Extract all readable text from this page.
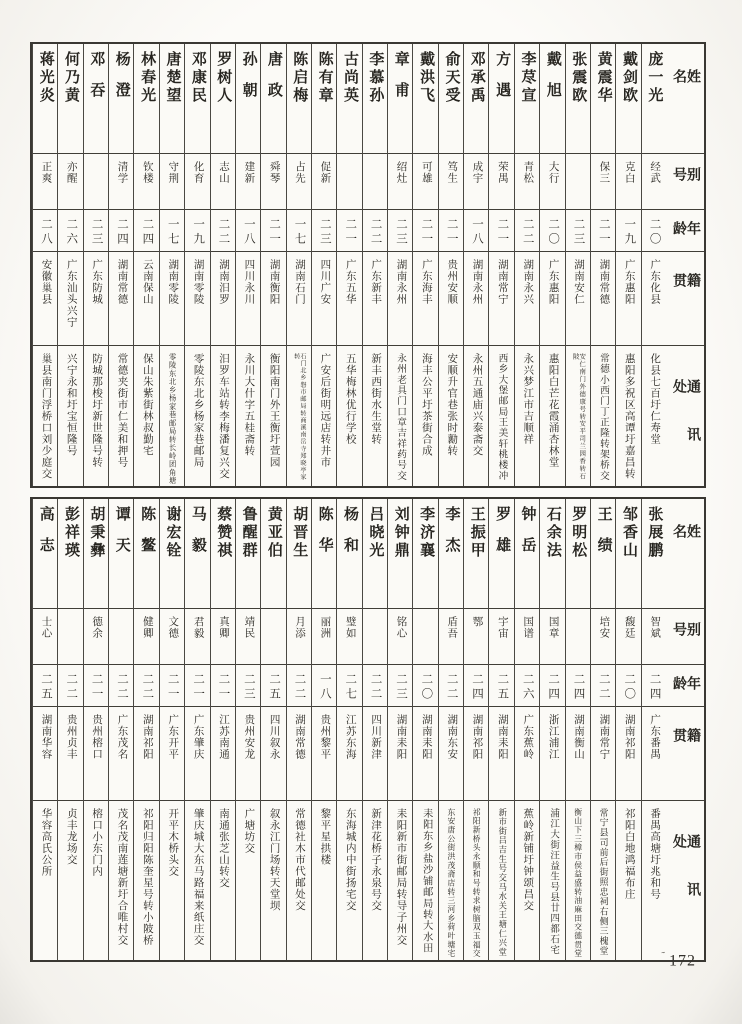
姓名
别号
年龄
籍贯
通讯处
庞一光
经武
二〇
广东化县
化县七百圩仁寿堂
戴剑欧
克白
一九
广东惠阳
惠阳多祝区高谭圩嘉昌转
黄震华
保三
二一
湖南常德
常德小西门丁正隆转架桥交
张震欧
二三
湖南安仁
安仁南门外德康号转安平司兰园香转石陂
戴旭
大行
二〇
广东惠阳
惠阳白芒花霞涌杏林堂
李荩宣
青松
二二
湖南永兴
永兴梦江市吉顺祥
方遇
荣禺
二一
湖南常宁
西乡大堡邮局王美轩桃楼冲
邓承禹
成宇
一八
湖南永州
永州五通庙兴泰斋交
俞天受
笃生
二一
贵州安顺
安顺升官巷张时勷转
戴洪飞
可雄
二一
广东海丰
海丰公平圩茶街合成
章甫
绍灶
二三
湖南永州
永州老具门口章吉祥药号交
李慕孙
二二
广东新丰
新丰西街水生堂转
古尚英
二一
广东五华
五华梅林优行学校
陈有章
促新
二三
四川广安
广安后街明远店转井市
陈启梅
占先
一七
湖南石门
石门北乡磐市邮局转商溪南岳寺郑晓亭家转
唐政
舜琴
二一
湖南衡阳
衡阳南门外王衡圩萱园
孙朝
建新
一八
四川永川
永川大什字五桂斋转
罗树人
志山
二二
湖南汨罗
汨罗车站转李梅潘复兴交
邓康民
化育
一九
湖南零陵
零陵东北乡杨家巷邮局
唐楚望
守荆
一七
湖南零陵
零陵东北乡杨家巷邮局转长岭团角塘
林春光
钦楼
二四
云南保山
保山朱紫街林叔勤宅
杨澄
清学
二四
湖南常德
常德夹街市仁美和押号
邓吞
二三
广东防城
防城那梭圩新世隆号转
何乃黄
亦醒
二六
广东汕头兴宁
兴宁永和圩宝恒隆号
蒋光炎
正爽
二八
安徽巢县
巢县南门浮桥口刘少庭交
姓名
别号
年龄
籍贯
通讯处
张展鹏
智斌
二四
广东番禺
番禺高塘圩兆和号
邹香山
馥廷
二〇
湖南祁阳
祁阳白地鸿福布庄
王绩
培安
二二
湖南常宁
常宁县司前后街照忠祠右侧三槐堂
罗明松
二四
湖南衡山
衡山下三樟市侯益盛转油麻田交德贯堂
石余法
国章
二四
浙江浦江
浦江大街汪益生号县廿四都石宅
钟岳
国谱
二六
广东蕉岭
蕉岭新铺圩钟颂昌交
罗雄
宇宙
二五
湖南耒阳
新市街吕吉生号交马水关王塘仁兴堂
王振甲
鄂
二四
湖南祁阳
祁阳新桥头永顺和号转求树脑双玉福交
李杰
盾吾
二二
湖南东安
东安唐公街洪茂斋店转三河乡荷叶塘宅
李济襄
二〇
湖南耒阳
耒阳东乡盐沙铺邮局转大水田
刘钟鼎
铭心
二三
湖南耒阳
耒阳新市街邮局转导子州交
吕晓光
二二
四川新津
新津花桥子永泉号交
杨和
璧如
二七
江苏东海
东海城内中街扬宅交
陈华
丽洲
一八
贵州黎平
黎平星拱楼
胡晋生
月添
二二
湖南常德
常德社木市代邮处交
黄亚伯
二五
四川叙永
叙永江门场转天堂坝
鲁醒群
靖民
二三
贵州安龙
广塘坊交
蔡赞祺
真卿
二一
江苏南通
南通张芝山转交
马毅
君毅
二一
广东肇庆
肇庆城大东马路福来纸庄交
谢宏铨
文德
二一
广东开平
开平木桥头交
陈鳌
健卿
二二
湖南祁阳
祁阳归阳陈奎星号转小陂桥
谭天
二二
广东茂名
茂名茂南莲塘新圩合唯村交
胡秉彝
德余
二一
贵州榕口
榕口小东门内
彭祥瑛
二二
贵州贞丰
贞丰龙场交
高志
士心
二五
湖南华容
华容高氏公所
˜ 172
